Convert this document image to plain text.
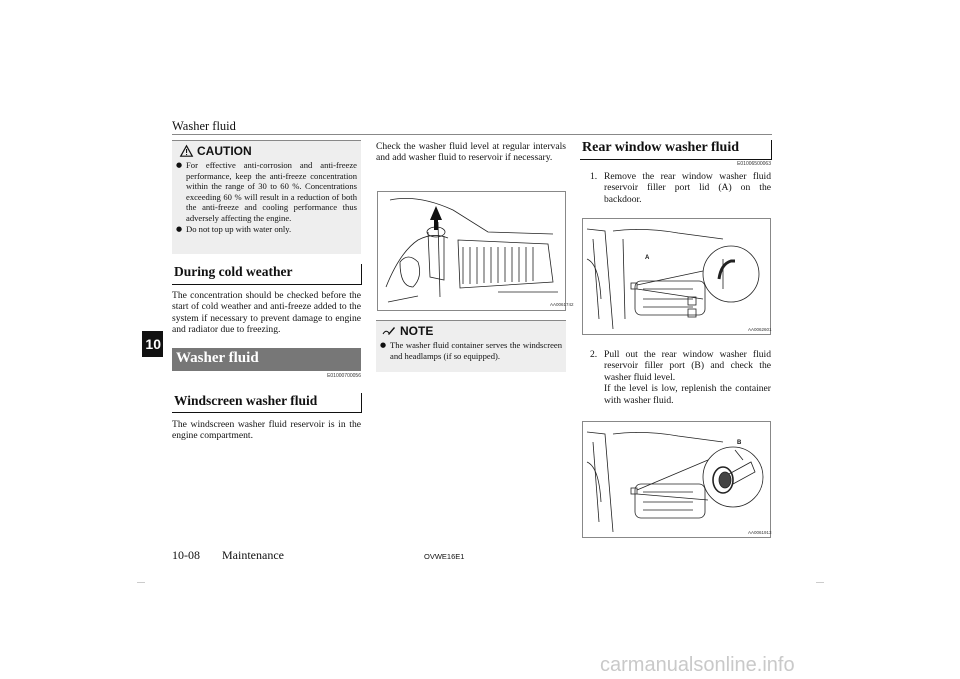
Washer fluid
10
CAUTION
● For effective anti-corrosion and anti-freeze performance, keep the anti-freeze concentration within the range of 30 to 60 %. Concentrations exceeding 60 % will result in a reduction of both the anti-freeze and cooling performance thus adversely affecting the engine.
● Do not top up with water only.
During cold weather
The concentration should be checked before the start of cold weather and anti-freeze added to the system if necessary to prevent damage to engine and radiator due to freezing.
Washer fluid
E01000700056
Windscreen washer fluid
The windscreen washer fluid reservoir is in the engine compartment.
Check the washer fluid level at regular intervals and add washer fluid to reservoir if necessary.
AA0061742
NOTE
● The washer fluid container serves the windscreen and headlamps (if so equipped).
Rear window washer fluid
E01006500063
1. Remove the rear window washer fluid reservoir filler port lid (A) on the backdoor.
A
AA0062601
2. Pull out the rear window washer fluid reservoir filler port (B) and check the washer fluid level.
If the level is low, replenish the container with washer fluid.
B
AA0061913
10-08 Maintenance	OVWE16E1
carmanualsonline.info
